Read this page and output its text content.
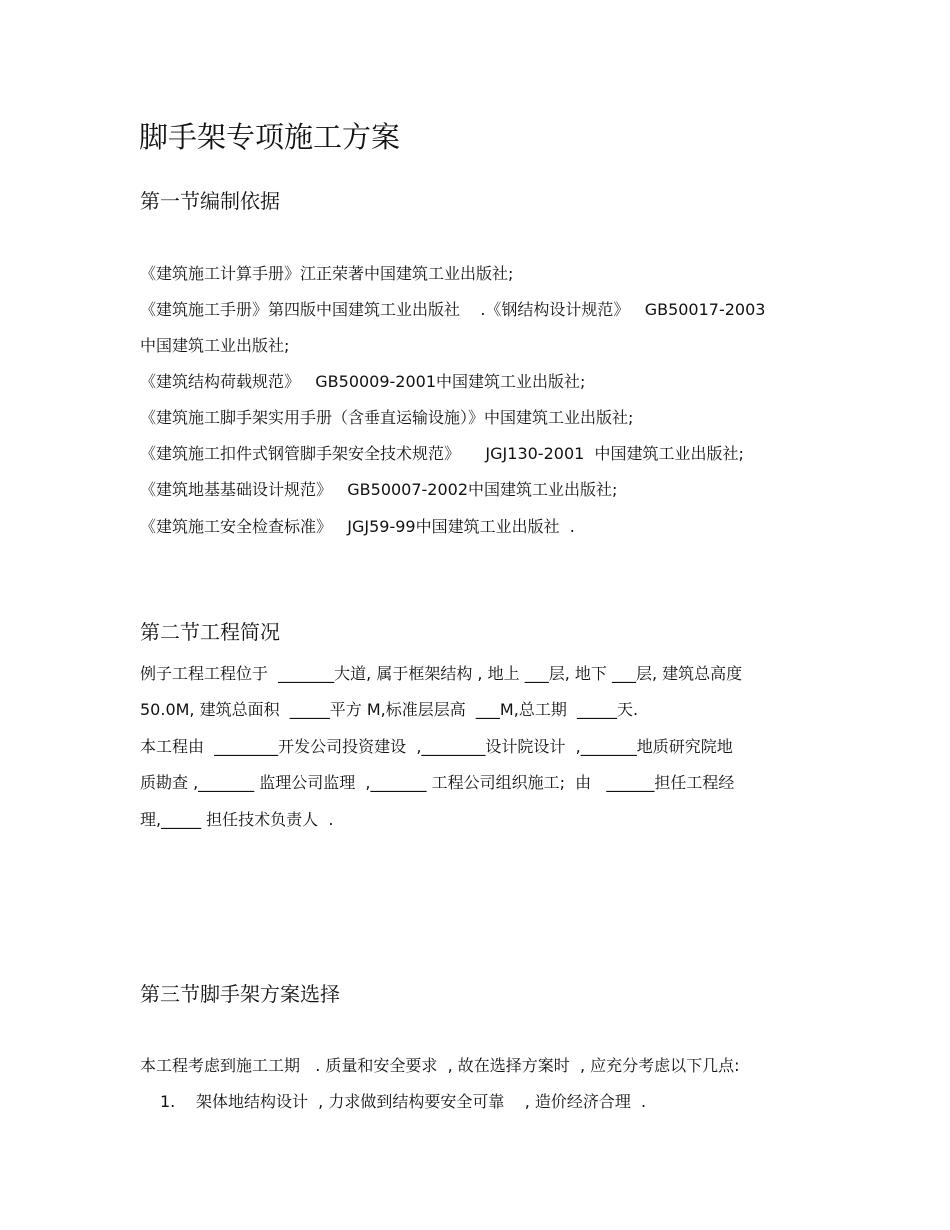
脚手架专项施工方案
第一节编制依据
《建筑施工计算手册》江正荣著中国建筑工业出版社;
《建筑施工手册》第四版中国建筑工业出版社    .《钢结构设计规范》   GB50017-2003
中国建筑工业出版社;
《建筑结构荷载规范》   GB50009-2001中国建筑工业出版社;
《建筑施工脚手架实用手册（含垂直运输设施）》中国建筑工业出版社;
《建筑施工扣件式钢管脚手架安全技术规范》     JGJ130-2001  中国建筑工业出版社;
《建筑地基基础设计规范》   GB50007-2002中国建筑工业出版社;
《建筑施工安全检查标准》   JGJ59-99中国建筑工业出版社  .
第二节工程简况
例子工程工程位于  _______大道, 属于框架结构 , 地上 ___层, 地下 ___层, 建筑总高度
50.0M, 建筑总面积  _____平方 M,标准层层高  ___M,总工期  _____天.
本工程由  ________开发公司投资建设  ,________设计院设计  ,_______地质研究院地
质勘查 ,_______ 监理公司监理  ,_______ 工程公司组织施工;  由   ______担任工程经
理,_____ 担任技术负责人  .
第三节脚手架方案选择
本工程考虑到施工工期   . 质量和安全要求  , 故在选择方案时  , 应充分考虑以下几点:
1. 架体地结构设计  , 力求做到结构要安全可靠    , 造价经济合理  .
